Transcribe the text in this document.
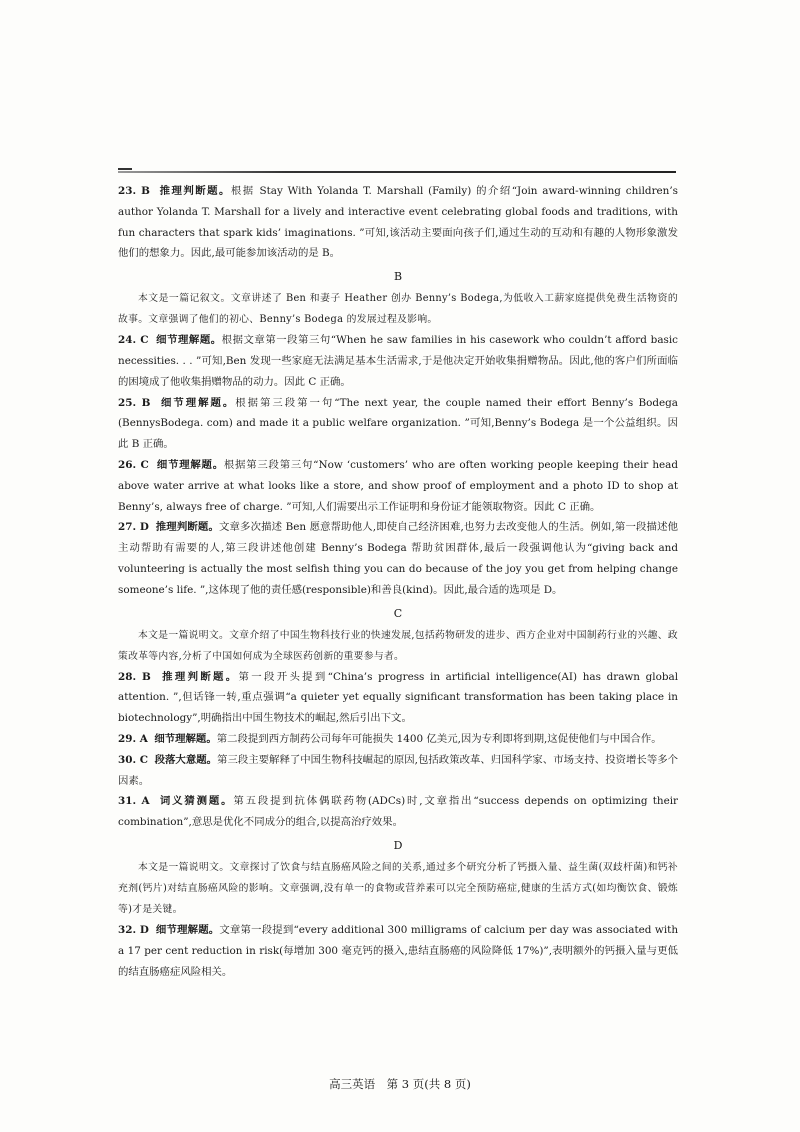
23. B 推理判断题。根据 Stay With Yolanda T. Marshall (Family) 的介绍“Join award-winning children’s author Yolanda T. Marshall for a lively and interactive event celebrating global foods and traditions, with fun characters that spark kids’ imaginations. ”可知,该活动主要面向孩子们,通过生动的互动和有趣的人物形象激发他们的想象力。因此,最可能参加该活动的是 B。

B

本文是一篇记叙文。文章讲述了 Ben 和妻子 Heather 创办 Benny’s Bodega,为低收入工薪家庭提供免费生活物资的故事。文章强调了他们的初心、Benny’s Bodega 的发展过程及影响。

24. C 细节理解题。根据文章第一段第三句“When he saw families in his casework who couldn’t afford basic necessities. . . ”可知,Ben 发现一些家庭无法满足基本生活需求,于是他决定开始收集捐赠物品。因此,他的客户们所面临的困境成了他收集捐赠物品的动力。因此 C 正确。

25. B 细节理解题。根据第三段第一句“The next year, the couple named their effort Benny’s Bodega (BennysBodega. com) and made it a public welfare organization. ”可知,Benny’s Bodega 是一个公益组织。因此 B 正确。

26. C 细节理解题。根据第三段第三句“Now ‘customers’ who are often working people keeping their head above water arrive at what looks like a store, and show proof of employment and a photo ID to shop at Benny’s, always free of charge. ”可知,人们需要出示工作证明和身份证才能领取物资。因此 C 正确。

27. D 推理判断题。文章多次描述 Ben 愿意帮助他人,即使自己经济困难,也努力去改变他人的生活。例如,第一段描述他主动帮助有需要的人,第三段讲述他创建 Benny’s Bodega 帮助贫困群体,最后一段强调他认为“giving back and volunteering is actually the most selfish thing you can do because of the joy you get from helping change someone’s life. ”,这体现了他的责任感(responsible)和善良(kind)。因此,最合适的选项是 D。

C

本文是一篇说明文。文章介绍了中国生物科技行业的快速发展,包括药物研发的进步、西方企业对中国制药行业的兴趣、政策改革等内容,分析了中国如何成为全球医药创新的重要参与者。

28. B 推理判断题。第一段开头提到“China’s progress in artificial intelligence(AI) has drawn global attention. ”,但话锋一转,重点强调“a quieter yet equally significant transformation has been taking place in biotechnology”,明确指出中国生物技术的崛起,然后引出下文。

29. A 细节理解题。第二段提到西方制药公司每年可能损失 1400 亿美元,因为专利即将到期,这促使他们与中国合作。

30. C 段落大意题。第三段主要解释了中国生物科技崛起的原因,包括政策改革、归国科学家、市场支持、投资增长等多个因素。

31. A 词义猜测题。第五段提到抗体偶联药物(ADCs)时,文章指出“success depends on optimizing their combination”,意思是优化不同成分的组合,以提高治疗效果。

D

本文是一篇说明文。文章探讨了饮食与结直肠癌风险之间的关系,通过多个研究分析了钙摄入量、益生菌(双歧杆菌)和钙补充剂(钙片)对结直肠癌风险的影响。文章强调,没有单一的食物或营养素可以完全预防癌症,健康的生活方式(如均衡饮食、锻炼等)才是关键。

32. D 细节理解题。文章第一段提到“every additional 300 milligrams of calcium per day was associated with a 17 per cent reduction in risk(每增加 300 毫克钙的摄入,患结直肠癌的风险降低 17%)”,表明额外的钙摄入量与更低的结直肠癌症风险相关。

高三英语　第 3 页(共 8 页)
